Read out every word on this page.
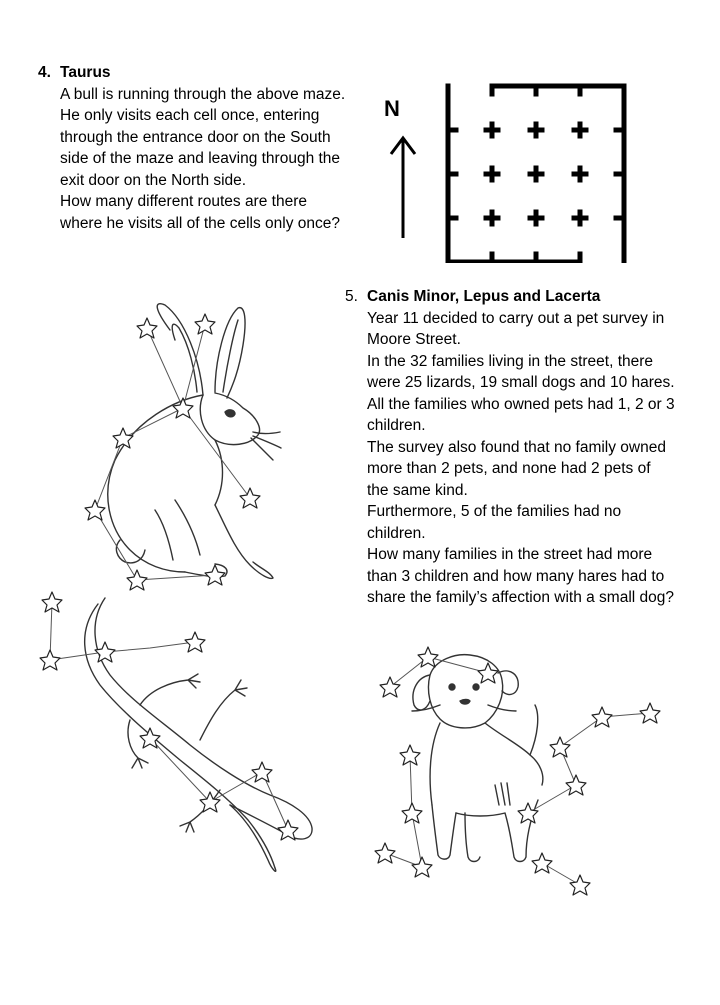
4. Taurus
A bull is running through the above maze.
He only visits each cell once, entering
through the entrance door on the South
side of the maze and leaving through the
exit door on the North side.
How many different routes are there
where he visits all of the cells only once?
N
5. Canis Minor, Lepus and Lacerta
Year 11 decided to carry out a pet survey in
Moore Street.
In the 32 families living in the street, there
were 25 lizards, 19 small dogs and 10 hares.
All the families who owned pets had 1, 2 or 3
children.
The survey also found that no family owned
more than 2 pets, and none had 2 pets of
the same kind.
Furthermore, 5 of the families had no
children.
How many families in the street had more
than 3 children and how many hares had to
share the family’s affection with a small dog?
